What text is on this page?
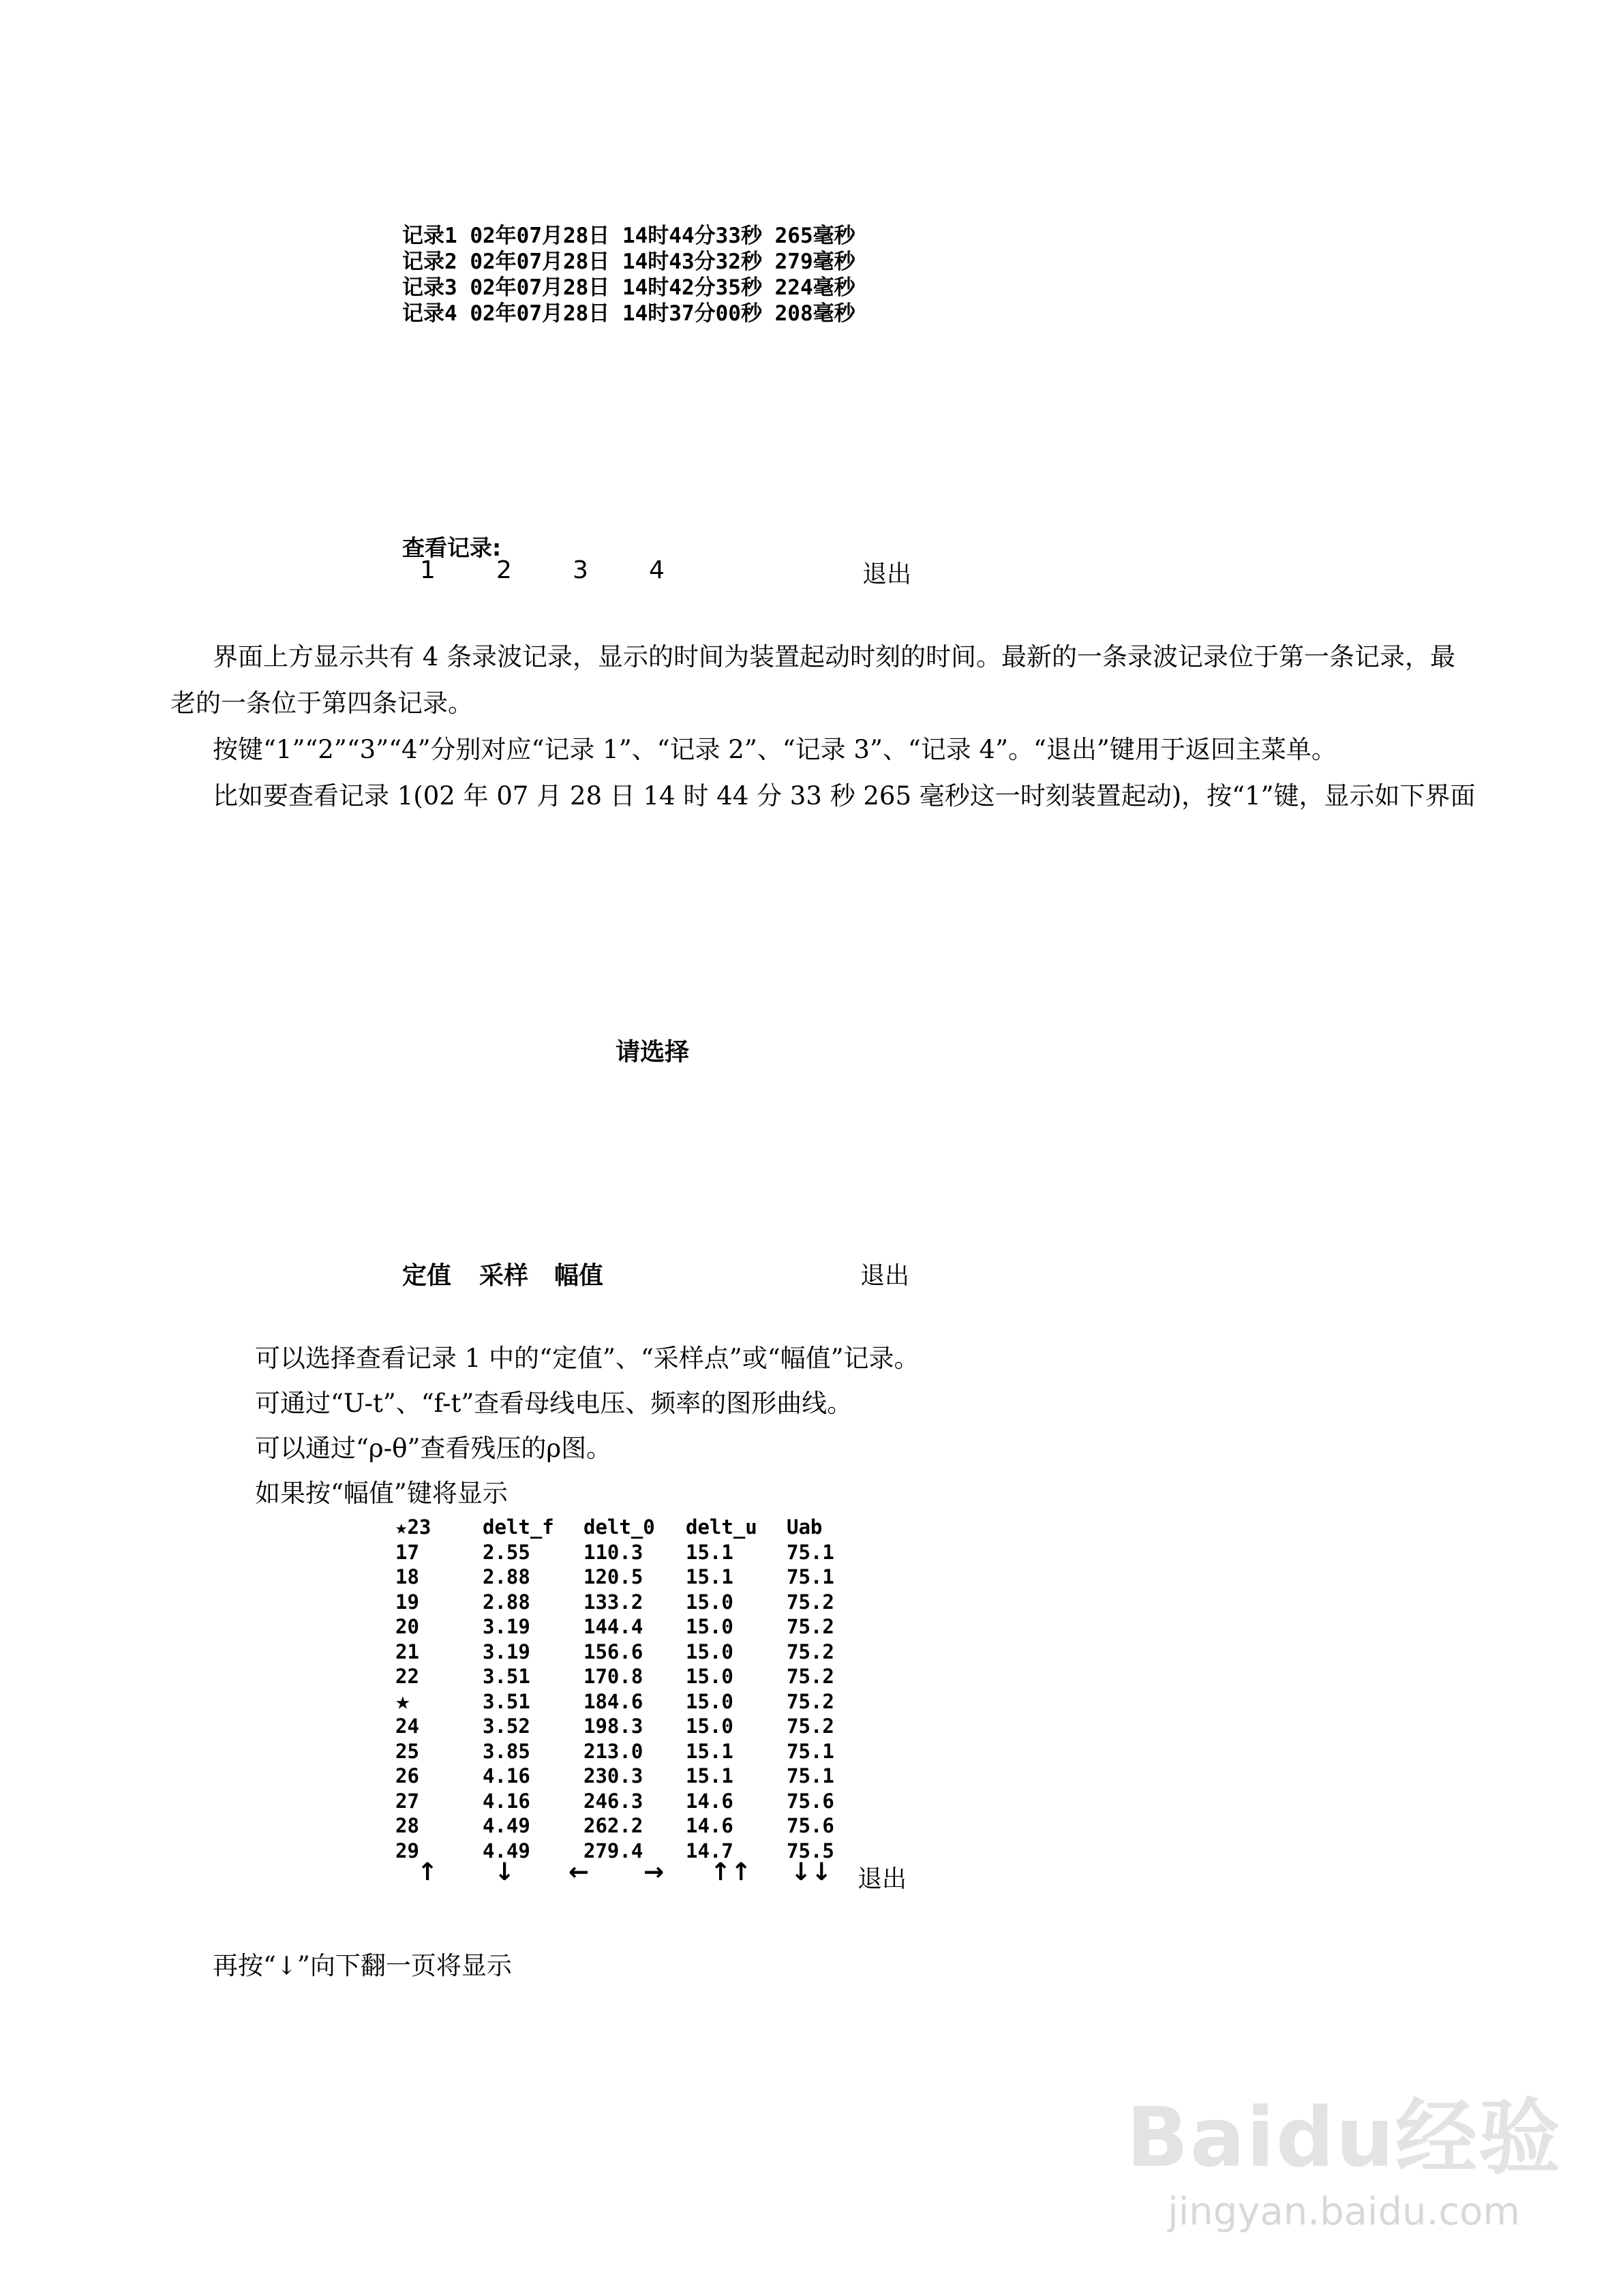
记录1 02年07月28日 14时44分33秒 265毫秒
记录2 02年07月28日 14时43分32秒 279毫秒
记录3 02年07月28日 14时42分35秒 224毫秒
记录4 02年07月28日 14时37分00秒 208毫秒
查看记录:
1 2 3 4	退出

界面上方显示共有 4 条录波记录，显示的时间为装置起动时刻的时间。最新的一条录波记录位于第一条记录，最老的一条位于第四条记录。

按键“1”“2”“3”“4”分别对应“记录 1”、“记录 2”、“记录 3”、“记录 4”。“退出”键用于返回主菜单。

比如要查看记录 1(02 年 07 月 28 日 14 时 44 分 33 秒 265 毫秒这一时刻装置起动)，按“1”键，显示如下界面

请选择
定值 采样 幅值	退出

可以选择查看记录 1 中的“定值”、“采样点”或“幅值”记录。

可通过“U-t”、“f-t”查看母线电压、频率的图形曲线。

可以通过“ρ-θ”查看残压的ρ图。

如果按“幅值”键将显示

★23	delt_f	delt_0	delt_u	Uab
17	2.55	110.3	15.1	75.1
18	2.88	120.5	15.1	75.1
19	2.88	133.2	15.0	75.2
20	3.19	144.4	15.0	75.2
21	3.19	156.6	15.0	75.2
22	3.51	170.8	15.0	75.2
★	3.51	184.6	15.0	75.2
24	3.52	198.3	15.0	75.2
25	3.85	213.0	15.1	75.1
26	4.16	230.3	15.1	75.1
27	4.16	246.3	14.6	75.6
28	4.49	262.2	14.6	75.6
29	4.49	279.4	14.7	75.5
↑ ↓ ← → ↑↑ ↓↓ 退出

再按“↓”向下翻一页将显示

Baidu经验
jingyan.baidu.com
